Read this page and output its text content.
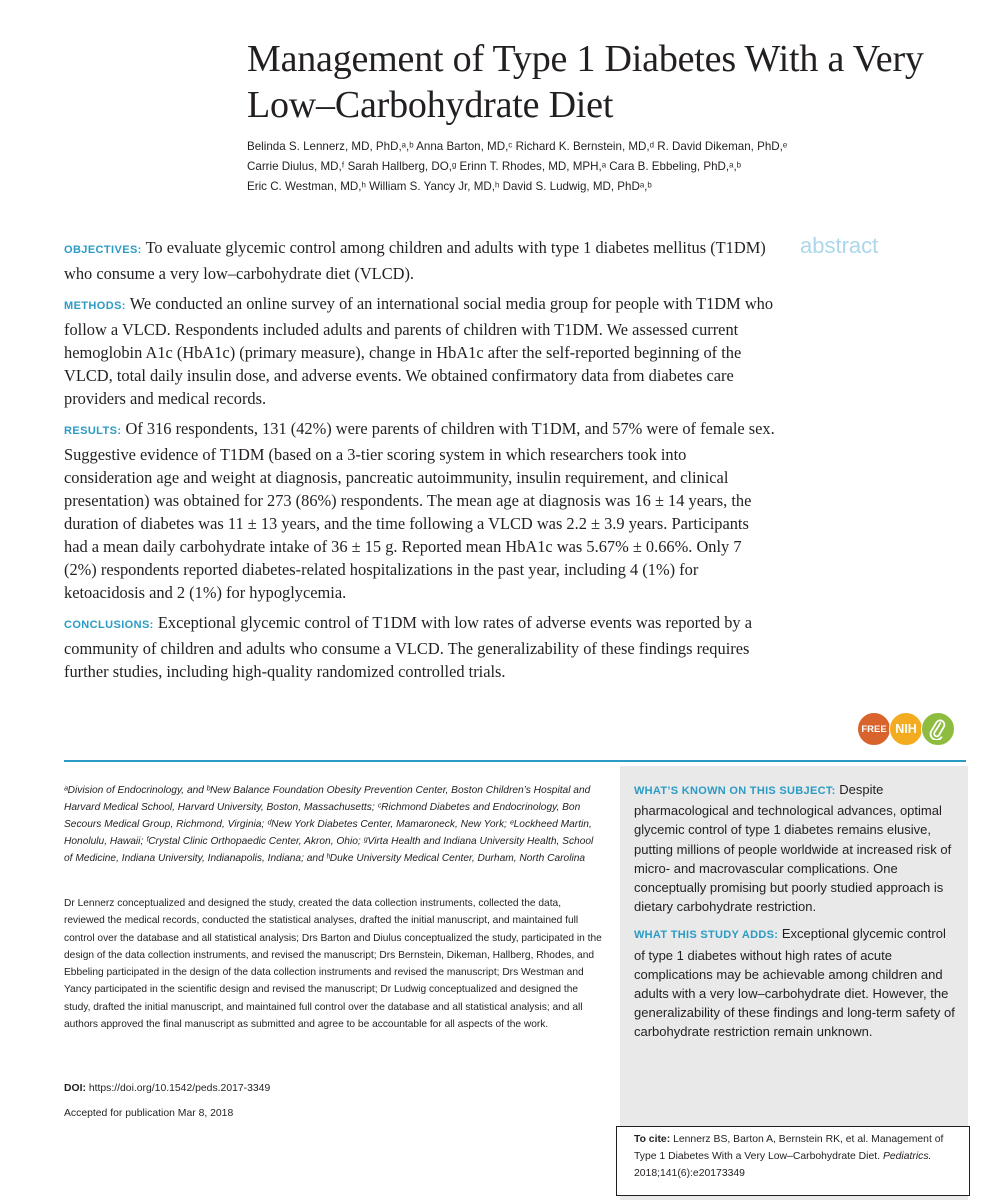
Management of Type 1 Diabetes With a Very Low–Carbohydrate Diet
Belinda S. Lennerz, MD, PhD,ᵃ,ᵇ Anna Barton, MD,ᶜ Richard K. Bernstein, MD,ᵈ R. David Dikeman, PhD,ᵉ
Carrie Diulus, MD,ᶠ Sarah Hallberg, DO,ᵍ Erinn T. Rhodes, MD, MPH,ᵃ Cara B. Ebbeling, PhD,ᵃ,ᵇ
Eric C. Westman, MD,ʰ William S. Yancy Jr, MD,ʰ David S. Ludwig, MD, PhDᵃ,ᵇ
abstract

OBJECTIVES: To evaluate glycemic control among children and adults with type 1 diabetes mellitus (T1DM) who consume a very low–carbohydrate diet (VLCD).

METHODS: We conducted an online survey of an international social media group for people with T1DM who follow a VLCD. Respondents included adults and parents of children with T1DM. We assessed current hemoglobin A1c (HbA1c) (primary measure), change in HbA1c after the self-reported beginning of the VLCD, total daily insulin dose, and adverse events. We obtained confirmatory data from diabetes care providers and medical records.

RESULTS: Of 316 respondents, 131 (42%) were parents of children with T1DM, and 57% were of female sex. Suggestive evidence of T1DM (based on a 3-tier scoring system in which researchers took into consideration age and weight at diagnosis, pancreatic autoimmunity, insulin requirement, and clinical presentation) was obtained for 273 (86%) respondents. The mean age at diagnosis was 16 ± 14 years, the duration of diabetes was 11 ± 13 years, and the time following a VLCD was 2.2 ± 3.9 years. Participants had a mean daily carbohydrate intake of 36 ± 15 g. Reported mean HbA1c was 5.67% ± 0.66%. Only 7 (2%) respondents reported diabetes-related hospitalizations in the past year, including 4 (1%) for ketoacidosis and 2 (1%) for hypoglycemia.

CONCLUSIONS: Exceptional glycemic control of T1DM with low rates of adverse events was reported by a community of children and adults who consume a VLCD. The generalizability of these findings requires further studies, including high-quality randomized controlled trials.

FREE NIH
ᵃDivision of Endocrinology, and ᵇNew Balance Foundation Obesity Prevention Center, Boston Children’s Hospital and Harvard Medical School, Harvard University, Boston, Massachusetts; ᶜRichmond Diabetes and Endocrinology, Bon Secours Medical Group, Richmond, Virginia; ᵈNew York Diabetes Center, Mamaroneck, New York; ᵉLockheed Martin, Honolulu, Hawaii; ᶠCrystal Clinic Orthopaedic Center, Akron, Ohio; ᵍVirta Health and Indiana University Health, School of Medicine, Indiana University, Indianapolis, Indiana; and ʰDuke University Medical Center, Durham, North Carolina
Dr Lennerz conceptualized and designed the study, created the data collection instruments, collected the data, reviewed the medical records, conducted the statistical analyses, drafted the initial manuscript, and maintained full control over the database and all statistical analysis; Drs Barton and Diulus conceptualized the study, participated in the design of the data collection instruments, and revised the manuscript; Drs Bernstein, Dikeman, Hallberg, Rhodes, and Ebbeling participated in the design of the data collection instruments and revised the manuscript; Drs Westman and Yancy participated in the scientific design and revised the manuscript; Dr Ludwig conceptualized and designed the study, drafted the initial manuscript, and maintained full control over the database and all statistical analysis; and all authors approved the final manuscript as submitted and agree to be accountable for all aspects of the work.
DOI: https://doi.org/10.1542/peds.2017-3349
Accepted for publication Mar 8, 2018

WHAT’S KNOWN ON THIS SUBJECT: Despite pharmacological and technological advances, optimal glycemic control of type 1 diabetes remains elusive, putting millions of people worldwide at increased risk of micro- and macrovascular complications. One conceptually promising but poorly studied approach is dietary carbohydrate restriction.

WHAT THIS STUDY ADDS: Exceptional glycemic control of type 1 diabetes without high rates of acute complications may be achievable among children and adults with a very low–carbohydrate diet. However, the generalizability of these findings and long-term safety of carbohydrate restriction remain unknown.

To cite: Lennerz BS, Barton A, Bernstein RK, et al. Management of Type 1 Diabetes With a Very Low–Carbohydrate Diet. Pediatrics. 2018;141(6):e20173349
